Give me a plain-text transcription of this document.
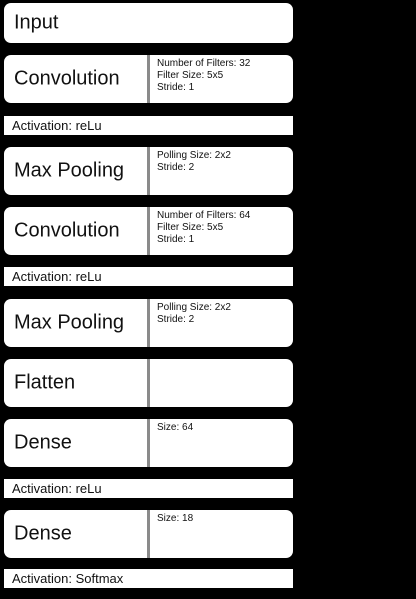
Input
Convolution
Number of Filters: 32
Filter Size: 5x5
Stride: 1
Activation: reLu
Max Pooling
Polling Size: 2x2
Stride: 2
Convolution
Number of Filters: 64
Filter Size: 5x5
Stride: 1
Activation: reLu
Max Pooling
Polling Size: 2x2
Stride: 2
Flatten
Dense
Size: 64
Activation: reLu
Dense
Size: 18
Activation: Softmax
